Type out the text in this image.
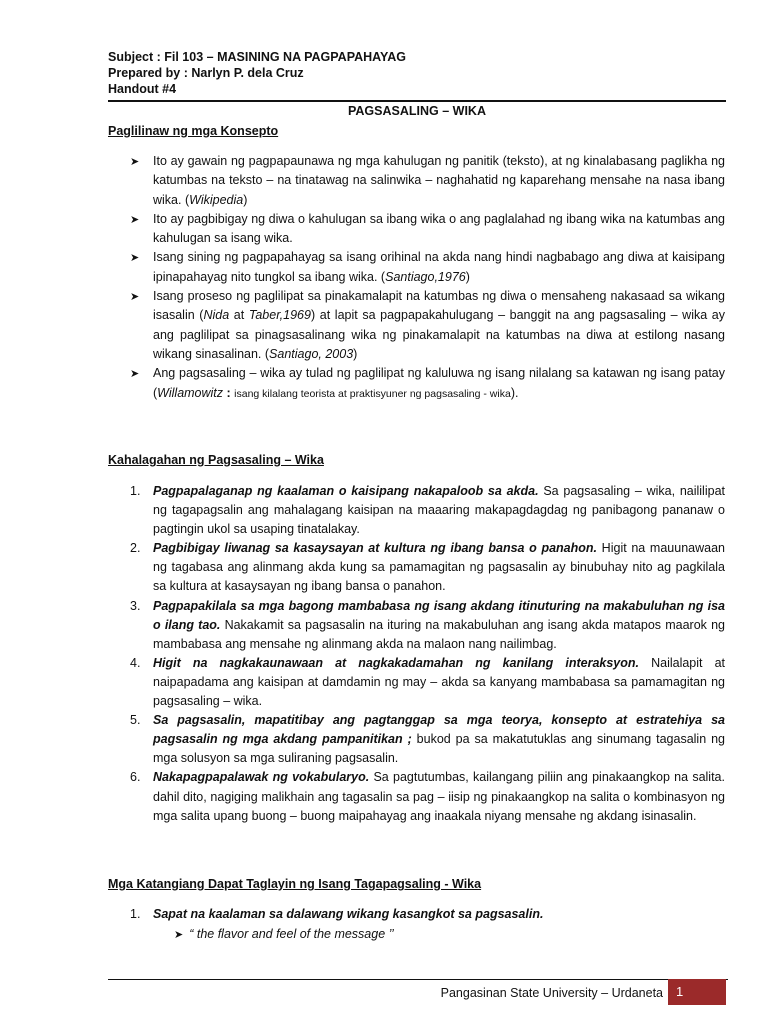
Subject : Fil 103 – MASINING NA PAGPAPAHAYAG
Prepared by : Narlyn P. dela Cruz
Handout #4
PAGSASALING – WIKA
Paglilinaw ng mga Konsepto
➤ Ito ay gawain ng pagpapaunawa ng mga kahulugan ng panitik (teksto), at ng kinalabasang paglikha ng katumbas na teksto – na tinatawag na salinwika – naghahatid ng kaparehang mensahe na nasa ibang wika. (Wikipedia)
➤ Ito ay pagbibigay ng diwa o kahulugan sa ibang wika o ang paglalahad ng ibang wika na katumbas ang kahulugan sa isang wika.
➤ Isang sining ng pagpapahayag sa isang orihinal na akda nang hindi nagbabago ang diwa at kaisipang ipinapahayag nito tungkol sa ibang wika. (Santiago,1976)
➤ Isang proseso ng paglilipat sa pinakamalapit na katumbas ng diwa o mensaheng nakasaad sa wikang isasalin (Nida at Taber,1969) at lapit sa pagpapakahulugang – banggit na ang pagsasaling – wika ay ang paglilipat sa pinagsasalinang wika ng pinakamalapit na katumbas na diwa at estilong nasang wikang sinasalinan. (Santiago, 2003)
➤ Ang pagsasaling – wika ay tulad ng paglilipat ng kaluluwa ng isang nilalang sa katawan ng isang patay (Willamowitz : isang kilalang teorista at praktisyuner ng pagsasaling - wika).
Kahalagahan ng Pagsasaling – Wika
1. Pagpapalaganap ng kaalaman o kaisipang nakapaloob sa akda. Sa pagsasaling – wika, naililipat ng tagapagsalin ang mahalagang kaisipan na maaaring makapagdagdag ng panibagong pananaw o pagtingin ukol sa usaping tinatalakay.
2. Pagbibigay liwanag sa kasaysayan at kultura ng ibang bansa o panahon. Higit na mauunawaan ng tagabasa ang alinmang akda kung sa pamamagitan ng pagsasalin ay binubuhay nito ag pagkilala sa kultura at kasaysayan ng ibang bansa o panahon.
3. Pagpapakilala sa mga bagong mambabasa ng isang akdang itinuturing na makabuluhan ng isa o ilang tao. Nakakamit sa pagsasalin na ituring na makabuluhan ang isang akda matapos maarok ng mambabasa ang mensahe ng alinmang akda na malaon nang nailimbag.
4. Higit na nagkakaunawaan at nagkakadamahan ng kanilang interaksyon. Nailalapit at naipapadama ang kaisipan at damdamin ng may – akda sa kanyang mambabasa sa pamamagitan ng pagsasaling – wika.
5. Sa pagsasalin, mapatitibay ang pagtanggap sa mga teorya, konsepto at estratehiya sa pagsasalin ng mga akdang pampanitikan ; bukod pa sa makatutuklas ang sinumang tagasalin ng mga solusyon sa mga suliraning pagsasalin.
6. Nakapagpapalawak ng vokabularyo. Sa pagtutumbas, kailangang piliin ang pinakaangkop na salita. dahil dito, nagiging malikhain ang tagasalin sa pag – iisip ng pinakaangkop na salita o kombinasyon ng mga salita upang buong – buong maipahayag ang inaakala niyang mensahe ng akdang isinasalin.
Mga Katangiang Dapat Taglayin ng Isang Tagapagsaling - Wika
1. Sapat na kaalaman sa dalawang wikang kasangkot sa pagsasalin.
➤ “ the flavor and feel of the message ’’
Pangasinan State University – Urdaneta 1
